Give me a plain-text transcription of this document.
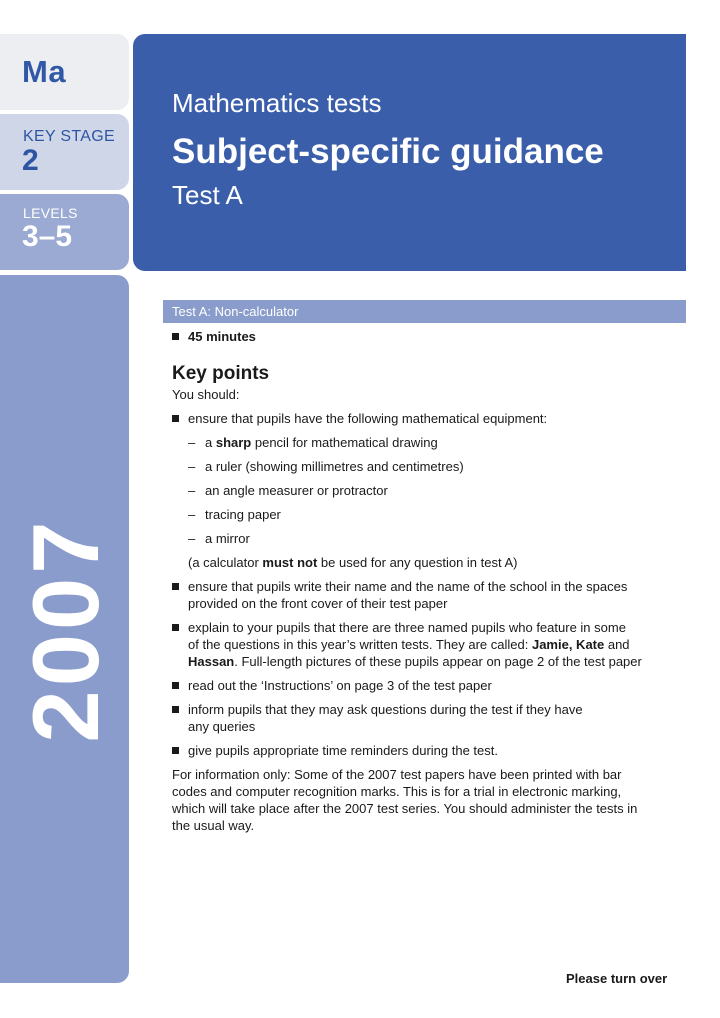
Ma
KEY STAGE
2
LEVELS
3–5
2007
Mathematics tests
Subject-specific guidance
Test A
Test A: Non-calculator
45 minutes
Key points
You should:
ensure that pupils have the following mathematical equipment:
– a sharp pencil for mathematical drawing
– a ruler (showing millimetres and centimetres)
– an angle measurer or protractor
– tracing paper
– a mirror
(a calculator must not be used for any question in test A)
ensure that pupils write their name and the name of the school in the spaces
provided on the front cover of their test paper
explain to your pupils that there are three named pupils who feature in some
of the questions in this year’s written tests. They are called: Jamie, Kate and
Hassan. Full-length pictures of these pupils appear on page 2 of the test paper
read out the ‘Instructions’ on page 3 of the test paper
inform pupils that they may ask questions during the test if they have
any queries
give pupils appropriate time reminders during the test.
For information only: Some of the 2007 test papers have been printed with bar
codes and computer recognition marks. This is for a trial in electronic marking,
which will take place after the 2007 test series. You should administer the tests in
the usual way.
Please turn over
